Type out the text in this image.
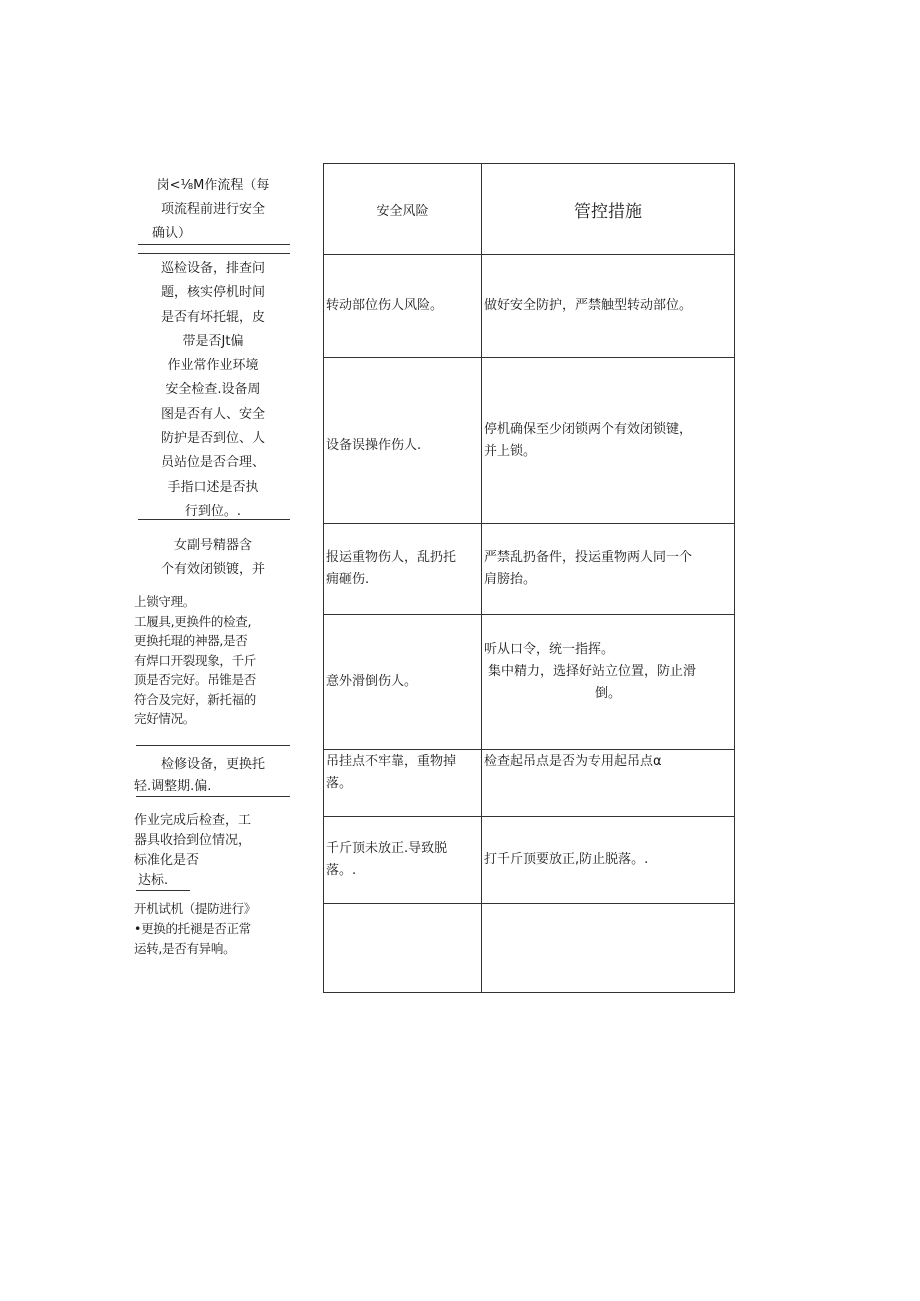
岗<⅛M作流程（每
项流程前进行安全
确认）
巡检设备，排查问
题，核实停机时间
是否有坏托辊，皮
带是否Jt偏
作业常作业环境
安全检查.设备周
图是否有人、安全
防护是否到位、人
员站位是否合理、
手指口述是否执
行到位。.
女副号精器含
个有效闭锁镀，并
上锁守理。
工履具,更换件的检查,
更换托琨的神器,是否
有焊口开裂现象，千斤
顶是否完好。吊锥是否
符合及完好，新托福的
完好情况。
检修设备，更换托
轻.调整期.偏.
作业完成后检查，工
器具收拾到位情况，
标准化是否
达标.
开机试机（提防进行》
•更换的托褪是否正常
运转,是否有异响。
安全风险	管控措施

转动部位伤人风险。	做好安全防护，严禁触型转动部位。

设备误操作伤人.	停机确保至少闭锁两个有效闭锁键，
并上锁。

报运重物伤人，乱扔托
痈砸伤.	严禁乱扔备件，投运重物两人同一个
肩膀抬。

意外滑倒伤人。	听从口令，统一指挥。
集中精力，选择好站立位置，防止滑
倒。

吊挂点不牢靠，重物掉
落。	检查起吊点是否为专用起吊点α

千斤顶未放正.导致脱
落。.	打千斤顶要放正,防止脱落。.
